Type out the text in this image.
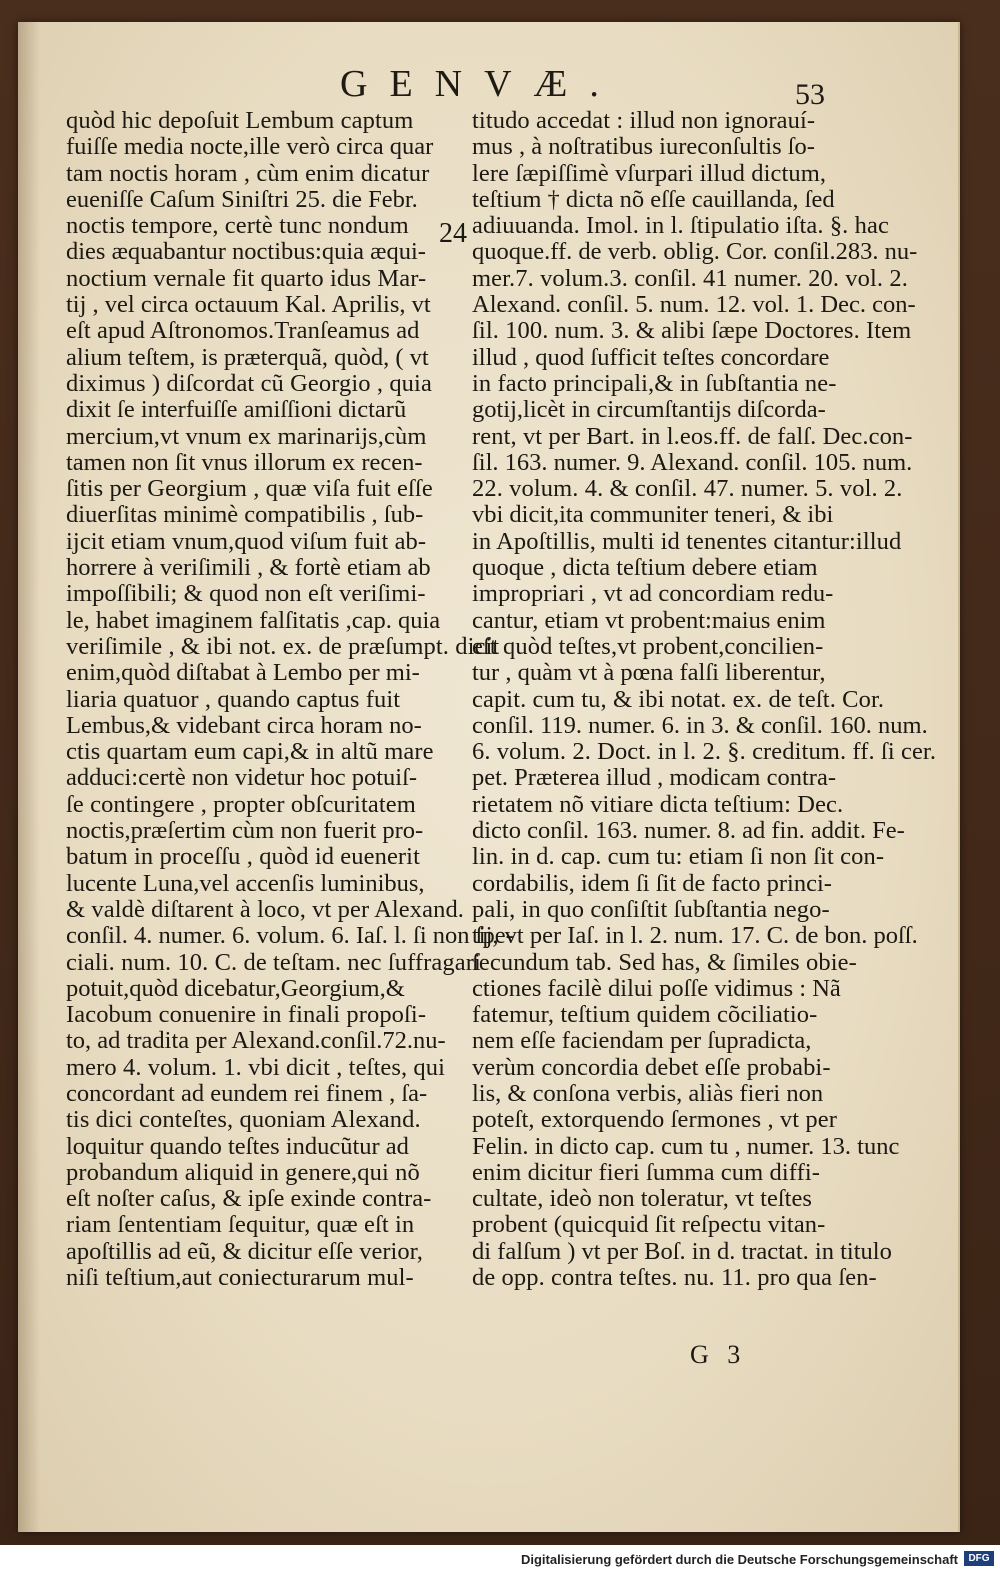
GENVÆ.	53
24
quòd hic depoſuit Lembum captum
fuiſſe media nocte,ille verò circa quar
tam noctis horam , cùm enim dicatur
eueniſſe Caſum Siniſtri 25. die Febr.
noctis tempore, certè tunc nondum
dies æquabantur noctibus:quia æqui-
noctium vernale fit quarto idus Mar-
tij , vel circa octauum Kal. Aprilis, vt
eſt apud Aſtronomos.Tranſeamus ad
alium teſtem, is præterquã, quòd, ( vt
diximus ) diſcordat cũ Georgio , quia
dixit ſe interfuiſſe amiſſioni dictarũ
mercium,vt vnum ex marinarijs,cùm
tamen non ſit vnus illorum ex recen-
ſitis per Georgium , quæ viſa fuit eſſe
diuerſitas minimè compatibilis , ſub-
ijcit etiam vnum,quod viſum fuit ab-
horrere à veriſimili , & fortè etiam ab
impoſſibili; & quod non eſt veriſimi-
le, habet imaginem falſitatis ,cap. quia
veriſimile , & ibi not. ex. de præſumpt. dicit
enim,quòd diſtabat à Lembo per mi-
liaria quatuor , quando captus fuit
Lembus,& videbant circa horam no-
ctis quartam eum capi,& in altũ mare
adduci:certè non videtur hoc potuiſ-
ſe contingere , propter obſcuritatem
noctis,præſertim cùm non fuerit pro-
batum in proceſſu , quòd id euenerit
lucente Luna,vel accenſis luminibus,
& valdè diſtarent à loco, vt per Alexand.
conſil. 4. numer. 6. volum. 6. Iaſ. l. ſi non ſpe-
ciali. num. 10. C. de teſtam. nec ſuffragari
potuit,quòd dicebatur,Georgium,&
Iacobum conuenire in finali propoſi-
to, ad tradita per Alexand.conſil.72.nu-
mero 4. volum. 1. vbi dicit , teſtes, qui
concordant ad eundem rei finem , ſa-
tis dici conteſtes, quoniam Alexand.
loquitur quando teſtes inducũtur ad
probandum aliquid in genere,qui nõ
eſt noſter caſus, & ipſe exinde contra-
riam ſententiam ſequitur, quæ eſt in
apoſtillis ad eũ, & dicitur eſſe verior,
niſi teſtium,aut coniecturarum mul-
titudo accedat : illud non ignorauí-
mus , à noſtratibus iureconſultis ſo-
lere ſæpiſſimè vſurpari illud dictum,
teſtium † dicta nõ eſſe cauillanda, ſed
adiuuanda. Imol. in l. ſtipulatio iſta. §. hac
quoque.ff. de verb. oblig. Cor. conſil.283. nu-
mer.7. volum.3. conſil. 41 numer. 20. vol. 2.
Alexand. conſil. 5. num. 12. vol. 1. Dec. con-
ſil. 100. num. 3. & alibi ſæpe Doctores. Item
illud , quod ſufficit teſtes concordare
in facto principali,& in ſubſtantia ne-
gotij,licèt in circumſtantijs diſcorda-
rent, vt per Bart. in l.eos.ff. de falſ. Dec.con-
ſil. 163. numer. 9. Alexand. conſil. 105. num.
22. volum. 4. & conſil. 47. numer. 5. vol. 2.
vbi dicit,ita communiter teneri, & ibi
in Apoſtillis, multi id tenentes citantur:illud
quoque , dicta teſtium debere etiam
impropriari , vt ad concordiam redu-
cantur, etiam vt probent:maius enim
eſt quòd teſtes,vt probent,concilien-
tur , quàm vt à pœna falſi liberentur,
capit. cum tu, & ibi notat. ex. de teſt. Cor.
conſil. 119. numer. 6. in 3. & conſil. 160. num.
6. volum. 2. Doct. in l. 2. §. creditum. ff. ſi cer.
pet. Præterea illud , modicam contra-
rietatem nõ vitiare dicta teſtium: Dec.
dicto conſil. 163. numer. 8. ad fin. addit. Fe-
lin. in d. cap. cum tu: etiam ſi non ſit con-
cordabilis, idem ſi ſit de facto princi-
pali, in quo conſiſtit ſubſtantia nego-
tij, vt per Iaſ. in l. 2. num. 17. C. de bon. poſſ.
ſecundum tab. Sed has, & ſimiles obie-
ctiones facilè dilui poſſe vidimus : Nã
fatemur, teſtium quidem cõciliatio-
nem eſſe faciendam per ſupradicta,
verùm concordia debet eſſe probabi-
lis, & conſona verbis, aliàs fieri non
poteſt, extorquendo ſermones , vt per
Felin. in dicto cap. cum tu , numer. 13. tunc
enim dicitur fieri ſumma cum diffi-
cultate, ideò non toleratur, vt teſtes
probent (quicquid ſit reſpectu vitan-
di falſum ) vt per Boſ. in d. tractat. in titulo
de opp. contra teſtes. nu. 11. pro qua ſen-
G 3
Digitalisierung gefördert durch die Deutsche Forschungsgemeinschaft	DFG
